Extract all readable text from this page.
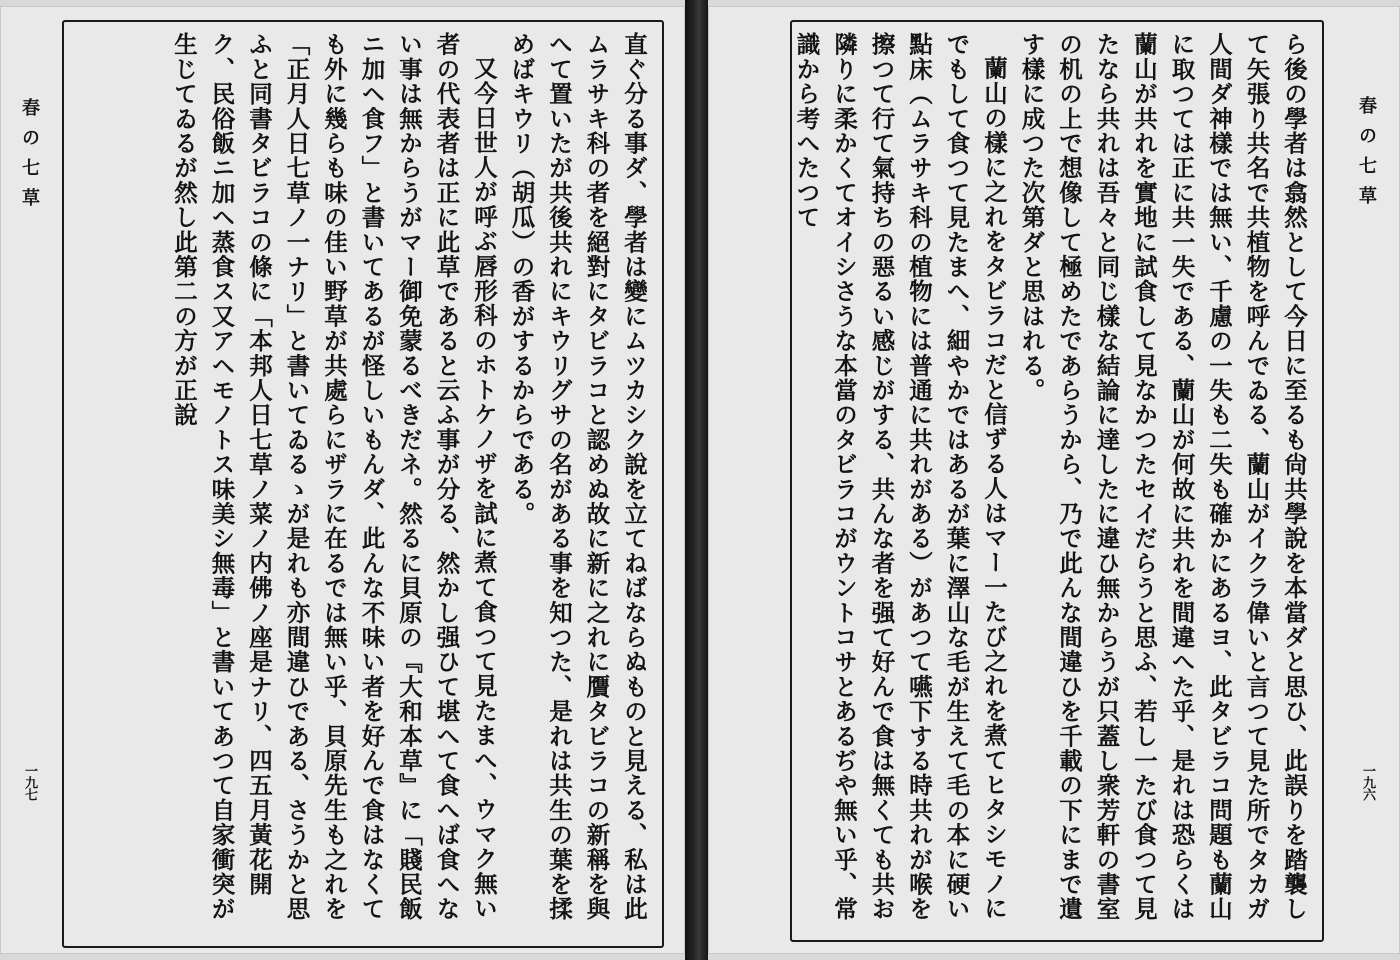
ら後の學者は翕然として今日に至るも尙共學說を本當ダと思ひ、此誤りを踏襲して矢張り共名で共植物を呼んでゐる、蘭山がイクラ偉いと言つて見た所でタカガ人間ダ神樣では無い、千慮の一失も二失も確かにあるヨ、此タビラコ問題も蘭山に取つては正に共一失である、蘭山が何故に共れを間違へた乎、是れは恐らくは蘭山が共れを實地に試食して見なかつたセイだらうと思ふ、若し一たび食つて見たなら共れは吾々と同じ樣な結論に達したに違ひ無からうが只蓋し衆芳軒の書室の机の上で想像して極めたであらうから、乃で此んな間違ひを千載の下にまで遺す樣に成つた次第ダと思はれる。

蘭山の樣に之れをタビラコだと信ずる人はマー一たび之れを煮てヒタシモノにでもして食つて見たまへ、細やかではあるが葉に澤山な毛が生えて毛の本に硬い點床（ムラサキ科の植物には普通に共れがある）があつて嚥下する時共れが喉を擦つて行て氣持ちの惡るい感じがする、共んな者を强て好んで食は無くても共お隣りに柔かくてオイシさうな本當のタビラコがウントコサとあるぢや無い乎、常識から考へたつて	春の七草
一九六

直ぐ分る事ダ、學者は變にムツカシク說を立てねばならぬものと見える、私は此ムラサキ科の者を絕對にタビラコと認めぬ故に新に之れに贋タビラコの新稱を與へて置いたが共後共れにキウリグサの名がある事を知つた、是れは共生の葉を揉めばキウリ（胡瓜）の香がするからである。

又今日世人が呼ぶ唇形科のホトケノザを試に煮て食つて見たまへ、ウマク無い者の代表者は正に此草であると云ふ事が分る、然かし强ひて堪へて食へば食へない事は無からうがマー御免蒙るべきだネ。然るに貝原の『大和本草』に「賤民飯ニ加ヘ食フ」と書いてあるが怪しいもんダ、此んな不味い者を好んで食はなくても外に幾らも味の佳い野草が共處らにザラに在るでは無い乎、貝原先生も之れを「正月人日七草ノ一ナリ」と書いてゐるゝが是れも亦間違ひである、さうかと思ふと同書タビラコの條に「本邦人日七草ノ菜ノ内佛ノ座是ナリ、四五月黃花開ク、民俗飯ニ加ヘ蒸食ス又アヘモノトス味美シ無毒」と書いてあつて自家衝突が生じてゐるが然し此第二の方が正說

春の七草
一九七
